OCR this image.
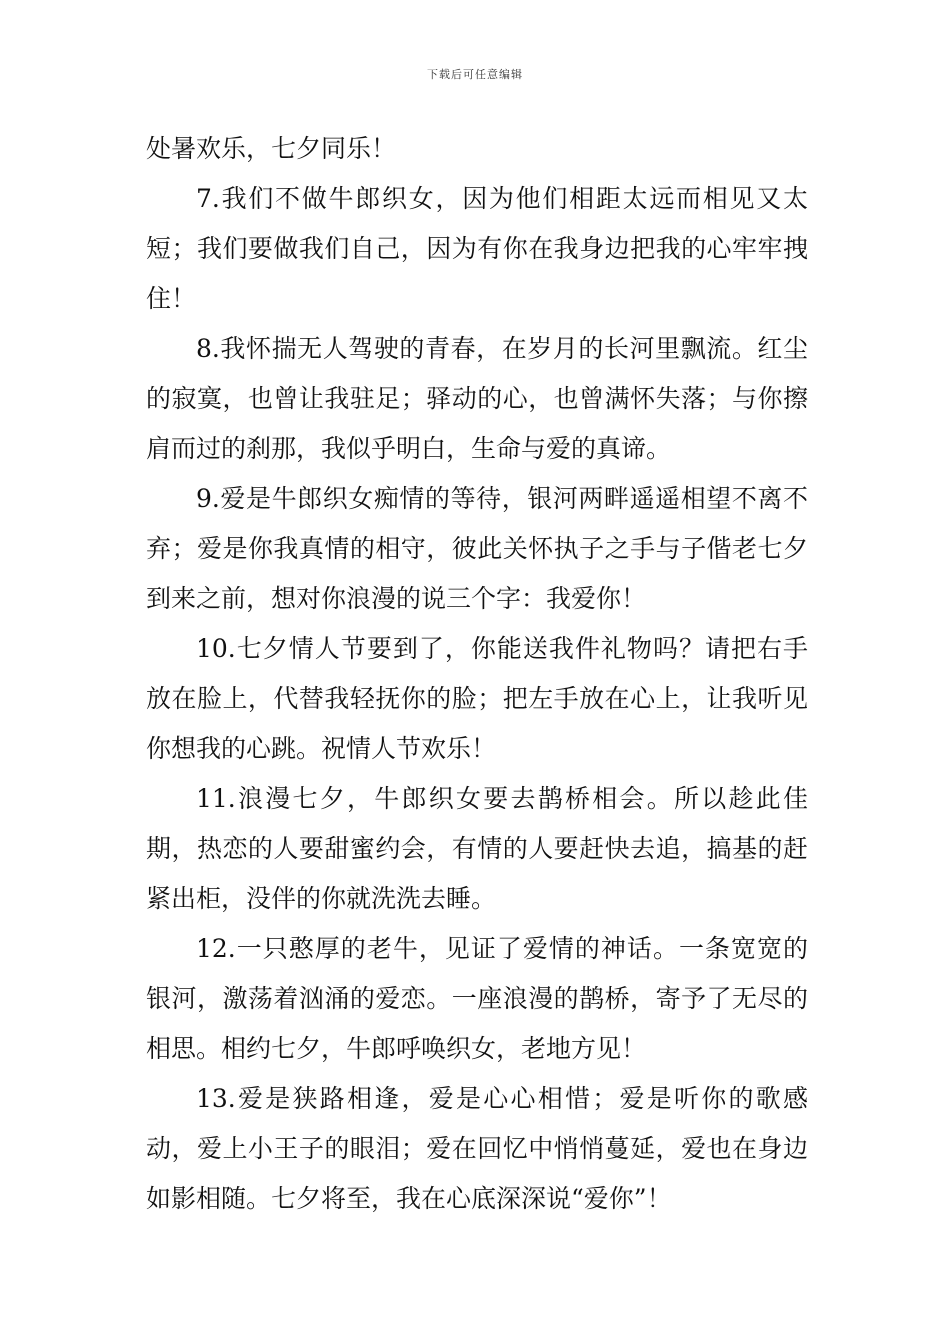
下载后可任意编辑

处暑欢乐，七夕同乐！

7.我们不做牛郎织女，因为他们相距太远而相见又太短；我们要做我们自己，因为有你在我身边把我的心牢牢拽住！

8.我怀揣无人驾驶的青春，在岁月的长河里飘流。红尘的寂寞，也曾让我驻足；驿动的心，也曾满怀失落；与你擦肩而过的刹那，我似乎明白，生命与爱的真谛。

9.爱是牛郎织女痴情的等待，银河两畔遥遥相望不离不弃；爱是你我真情的相守，彼此关怀执子之手与子偕老七夕到来之前，想对你浪漫的说三个字：我爱你！

10.七夕情人节要到了，你能送我件礼物吗？请把右手放在脸上，代替我轻抚你的脸；把左手放在心上，让我听见你想我的心跳。祝情人节欢乐！

11.浪漫七夕，牛郎织女要去鹊桥相会。所以趁此佳期，热恋的人要甜蜜约会，有情的人要赶快去追，搞基的赶紧出柜，没伴的你就洗洗去睡。

12.一只憨厚的老牛，见证了爱情的神话。一条宽宽的银河，激荡着汹涌的爱恋。一座浪漫的鹊桥，寄予了无尽的相思。相约七夕，牛郎呼唤织女，老地方见！

13.爱是狭路相逢，爱是心心相惜；爱是听你的歌感动，爱上小王子的眼泪；爱在回忆中悄悄蔓延，爱也在身边如影相随。七夕将至，我在心底深深说“爱你”！
